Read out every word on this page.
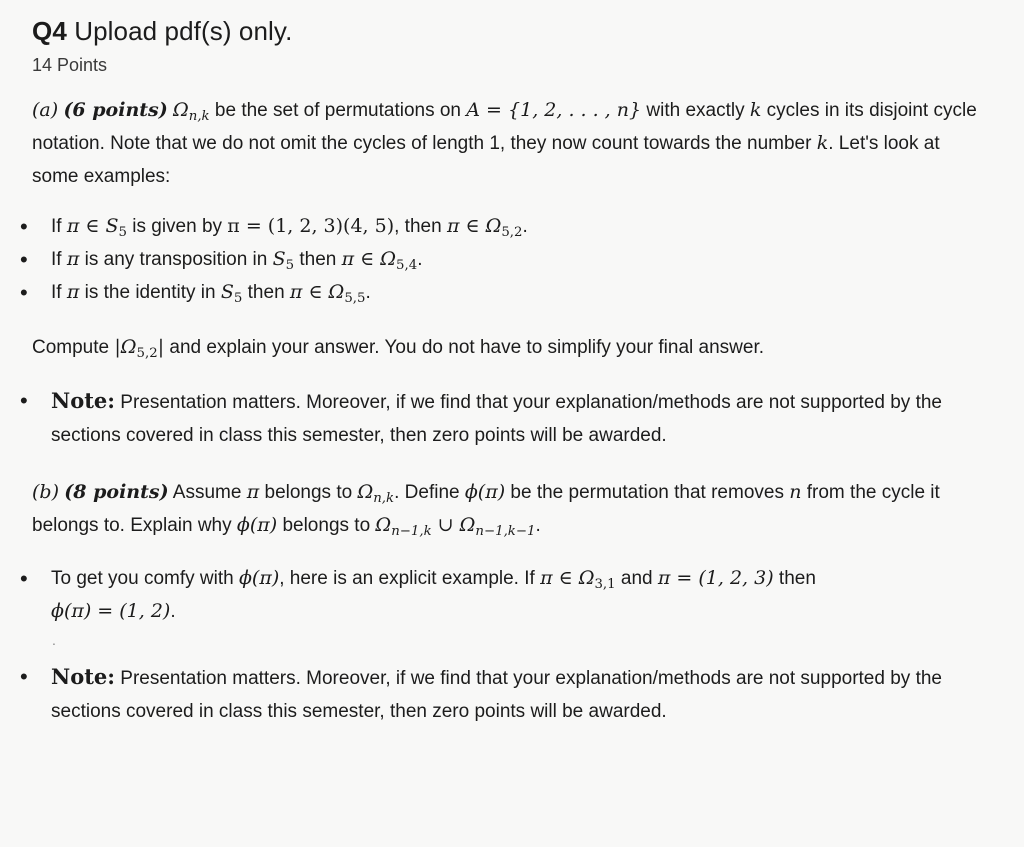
Q4 Upload pdf(s) only.
14 Points

(a) (6 points) $\Omega_{n,k}$ be the set of permutations on A = {1, 2, . . . , n} with exactly k cycles in its disjoint cycle notation. Note that we do not omit the cycles of length 1, they now count towards the number k. Let's look at some examples:

• If π ∈ $S_5$ is given by π = (1, 2, 3)(4, 5), then π ∈ $\Omega_{5,2}$.
• If π is any transposition in $S_5$ then π ∈ $\Omega_{5,4}$.
• If π is the identity in $S_5$ then π ∈ $\Omega_{5,5}$.

Compute $|\Omega_{5,2}|$ and explain your answer. You do not have to simplify your final answer.

• Note: Presentation matters. Moreover, if we find that your explanation/methods are not supported by the sections covered in class this semester, then zero points will be awarded.

(b) (8 points) Assume π belongs to $\Omega_{n,k}$. Define ϕ(π) be the permutation that removes n from the cycle it belongs to. Explain why ϕ(π) belongs to $\Omega_{n-1,k}$ ∪ $\Omega_{n-1,k-1}$.

• To get you comfy with ϕ(π), here is an explicit example. If π ∈ $\Omega_{3,1}$ and π = (1, 2, 3) then
ϕ(π) = (1, 2).
.
• Note: Presentation matters. Moreover, if we find that your explanation/methods are not supported by the sections covered in class this semester, then zero points will be awarded.
